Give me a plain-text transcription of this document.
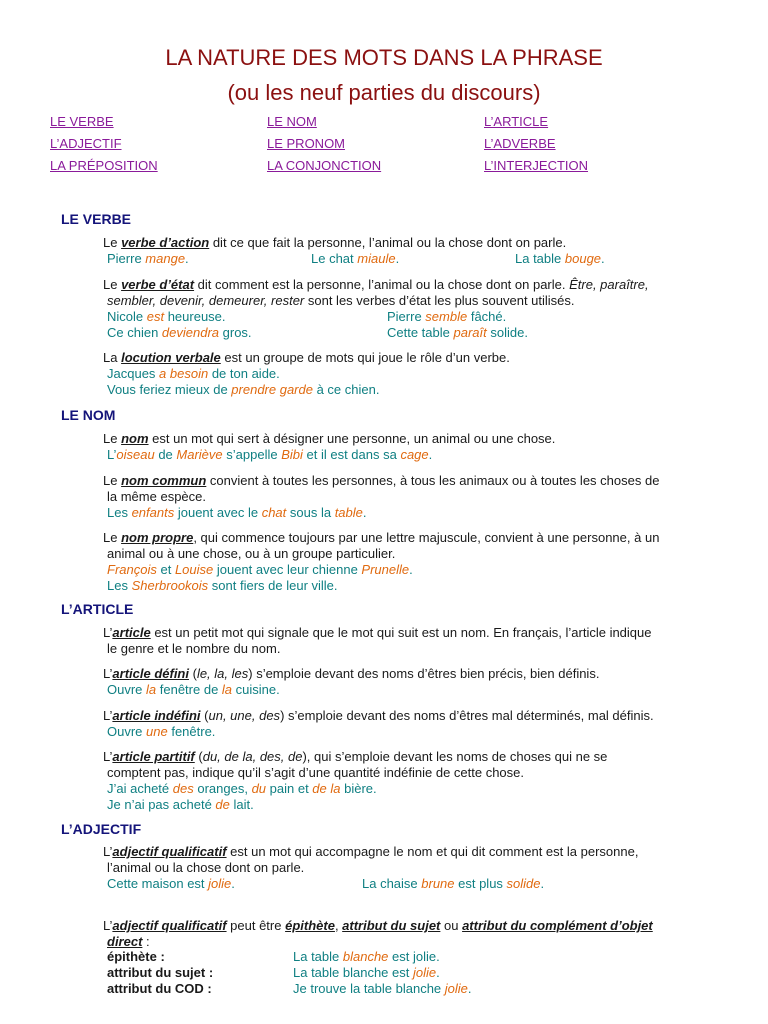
LA NATURE DES MOTS DANS LA PHRASE
(ou les neuf parties du discours)
LE VERBE	LE NOM	L’ARTICLE
L’ADJECTIF	LE PRONOM	L’ADVERBE
LA PRÉPOSITION	LA CONJONCTION	L’INTERJECTION
LE VERBE
Le verbe d’action dit ce que fait la personne, l’animal ou la chose dont on parle.
Pierre mange.	Le chat miaule.	La table bouge.
Le verbe d’état dit comment est la personne, l’animal ou la chose dont on parle. Être, paraître,
sembler, devenir, demeurer, rester sont les verbes d’état les plus souvent utilisés.
Nicole est heureuse.	Pierre semble fâché.
Ce chien deviendra gros.	Cette table paraît solide.
La locution verbale est un groupe de mots qui joue le rôle d’un verbe.
Jacques a besoin de ton aide.
Vous feriez mieux de prendre garde à ce chien.
LE NOM
Le nom est un mot qui sert à désigner une personne, un animal ou une chose.
L’oiseau de Marièvе s’appelle Bibi et il est dans sa cage.
Le nom commun convient à toutes les personnes, à tous les animaux ou à toutes les choses de
la même espèce.
Les enfants jouent avec le chat sous la table.
Le nom propre, qui commence toujours par une lettre majuscule, convient à une personne, à un
animal ou à une chose, ou à un groupe particulier.
François et Louise jouent avec leur chienne Prunelle.
Les Sherbrookois sont fiers de leur ville.
L’ARTICLE
L’article est un petit mot qui signale que le mot qui suit est un nom. En français, l’article indique
le genre et le nombre du nom.
L’article défini (le, la, les) s’emploie devant des noms d’êtres bien précis, bien définis.
Ouvre la fenêtre de la cuisine.
L’article indéfini (un, une, des) s’emploie devant des noms d’êtres mal déterminés, mal définis.
Ouvre une fenêtre.
L’article partitif (du, de la, des, de), qui s’emploie devant les noms de choses qui ne se
comptent pas, indique qu’il s’agit d’une quantité indéfinie de cette chose.
J’ai acheté des oranges, du pain et de la bière.
Je n’ai pas acheté de lait.
L’ADJECTIF
L’adjectif qualificatif est un mot qui accompagne le nom et qui dit comment est la personne,
l’animal ou la chose dont on parle.
Cette maison est jolie.	La chaise brune est plus solide.
L’adjectif qualificatif peut être épithète, attribut du sujet ou attribut du complément d’objet
direct :
épithète :	La table blanche est jolie.
attribut du sujet :	La table blanche est jolie.
attribut du COD :	Je trouve la table blanche jolie.
